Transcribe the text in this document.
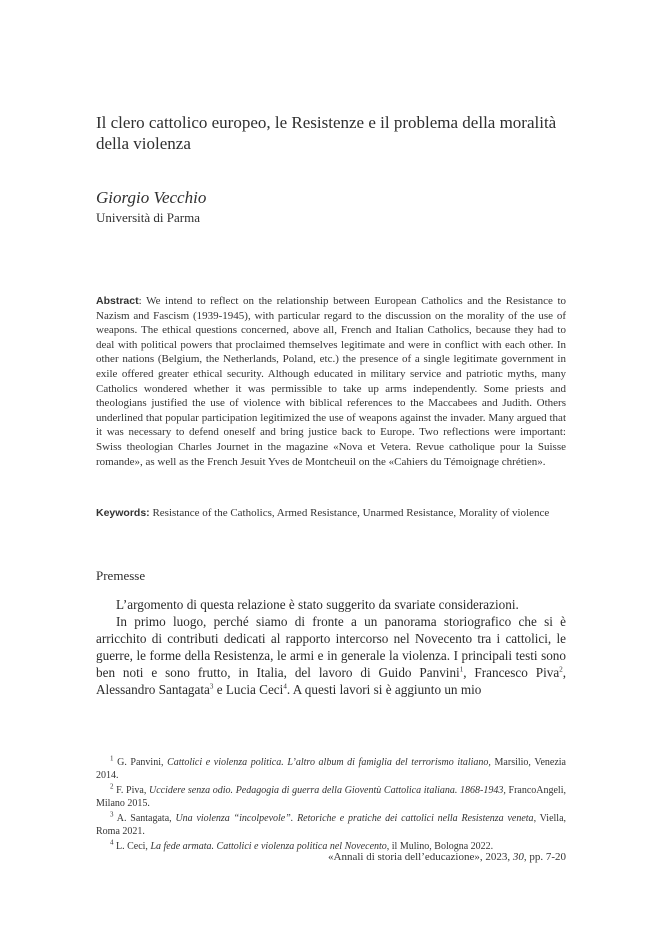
Il clero cattolico europeo, le Resistenze e il problema della moralità della violenza
Giorgio Vecchio
Università di Parma

Abstract: We intend to reflect on the relationship between European Catholics and the Resistance to Nazism and Fascism (1939-1945), with particular regard to the discussion on the morality of the use of weapons. The ethical questions concerned, above all, French and Italian Catholics, because they had to deal with political powers that proclaimed themselves legitimate and were in conflict with each other. In other nations (Belgium, the Netherlands, Poland, etc.) the presence of a single legitimate government in exile offered greater ethical security. Although educated in military service and patriotic myths, many Catholics wondered whether it was permissible to take up arms independently. Some priests and theologians justified the use of violence with biblical references to the Maccabees and Judith. Others underlined that popular participation legitimized the use of weapons against the invader. Many argued that it was necessary to defend oneself and bring justice back to Europe. Two reflections were important: Swiss theologian Charles Journet in the magazine «Nova et Vetera. Revue catholique pour la Suisse romande», as well as the French Jesuit Yves de Montcheuil on the «Cahiers du Témoignage chrétien».

Keywords: Resistance of the Catholics, Armed Resistance, Unarmed Resistance, Morality of violence

Premesse

L’argomento di questa relazione è stato suggerito da svariate considerazioni.

In primo luogo, perché siamo di fronte a un panorama storiografico che si è arricchito di contributi dedicati al rapporto intercorso nel Novecento tra i cattolici, le guerre, le forme della Resistenza, le armi e in generale la violenza. I principali testi sono ben noti e sono frutto, in Italia, del lavoro di Guido Panvini$^1$, Francesco Piva$^2$, Alessandro Santagata$^3$ e Lucia Ceci$^4$. A questi lavori si è aggiunto un mio

$^1$ G. Panvini, Cattolici e violenza politica. L’altro album di famiglia del terrorismo italiano, Marsilio, Venezia 2014.

$^2$ F. Piva, Uccidere senza odio. Pedagogia di guerra della Gioventù Cattolica italiana. 1868-1943, FrancoAngeli, Milano 2015.

$^3$ A. Santagata, Una violenza “incolpevole”. Retoriche e pratiche dei cattolici nella Resistenza veneta, Viella, Roma 2021.

$^4$ L. Ceci, La fede armata. Cattolici e violenza politica nel Novecento, il Mulino, Bologna 2022.

«Annali di storia dell’educazione», 2023, 30, pp. 7-20
